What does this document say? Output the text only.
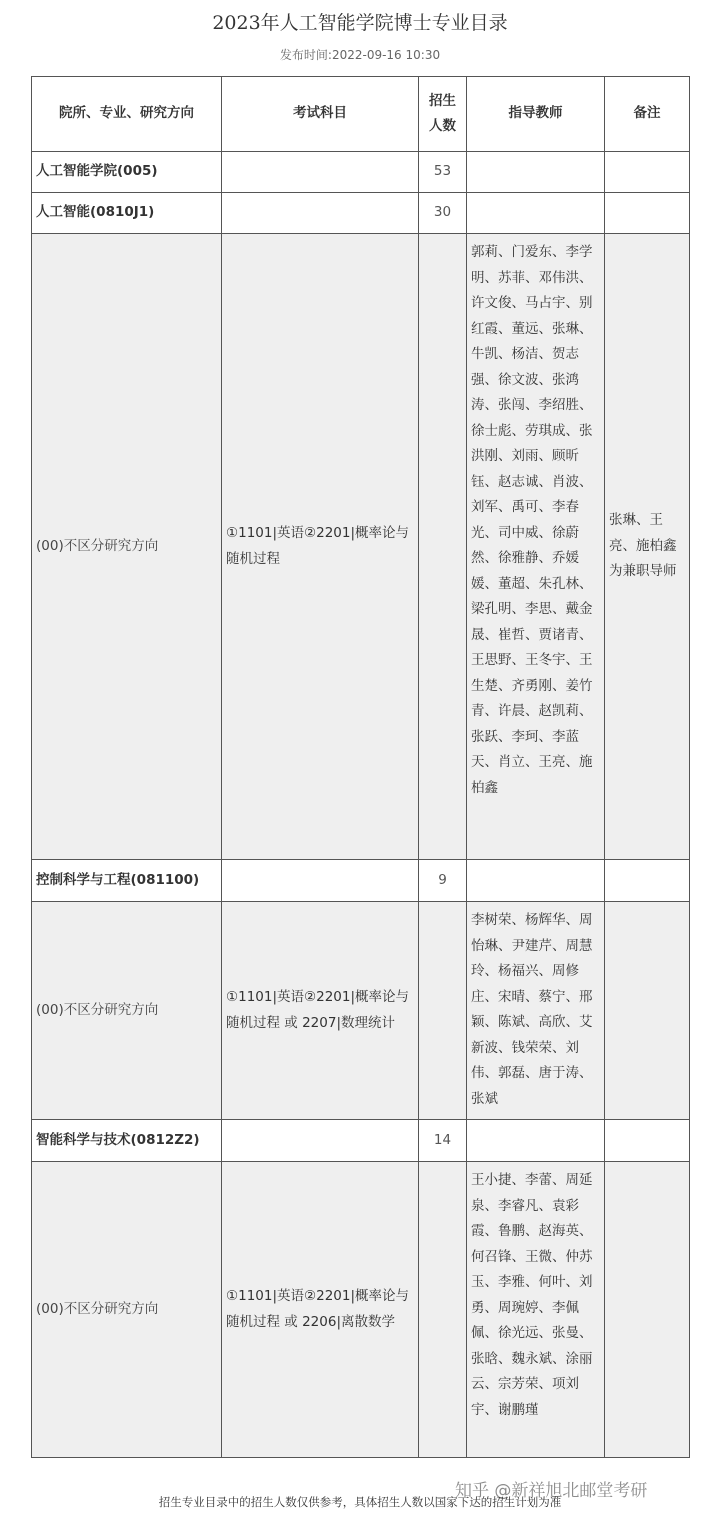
2023年人工智能学院博士专业目录
发布时间:2022-09-16 10:30
院所、专业、研究方向	考试科目	招生人数	指导教师	备注
人工智能学院(005)		53		
人工智能(0810J1)		30		
(00)不区分研究方向	①1101|英语②2201|概率论与随机过程		郭莉、门爱东、李学明、苏菲、邓伟洪、许文俊、马占宇、别红霞、董远、张琳、牛凯、杨洁、贺志强、徐文波、张鸿涛、张闯、李绍胜、徐士彪、劳琪成、张洪刚、刘雨、顾昕钰、赵志诚、肖波、刘军、禹可、李春光、司中威、徐蔚然、徐雅静、乔媛媛、董超、朱孔林、梁孔明、李思、戴金晟、崔哲、贾诸青、王思野、王冬宇、王生楚、齐勇刚、姜竹青、许晨、赵凯莉、张跃、李珂、李蓝天、肖立、王亮、施柏鑫	张琳、王亮、施柏鑫为兼职导师
控制科学与工程(081100)		9		
(00)不区分研究方向	①1101|英语②2201|概率论与随机过程 或 2207|数理统计		李树荣、杨辉华、周怡琳、尹建芹、周慧玲、杨福兴、周修庄、宋晴、蔡宁、邢颖、陈斌、高欣、艾新波、钱荣荣、刘伟、郭磊、唐于涛、张斌	
智能科学与技术(0812Z2)		14		
(00)不区分研究方向	①1101|英语②2201|概率论与随机过程 或 2206|离散数学		王小捷、李蕾、周延泉、李睿凡、袁彩霞、鲁鹏、赵海英、何召锋、王微、仲苏玉、李雅、何叶、刘勇、周琬婷、李佩佩、徐光远、张曼、张晗、魏永斌、涂丽云、宗芳荣、项刘宇、谢鹏瑾	
知乎 @新祥旭北邮堂考研
招生专业目录中的招生人数仅供参考，具体招生人数以国家下达的招生计划为准
